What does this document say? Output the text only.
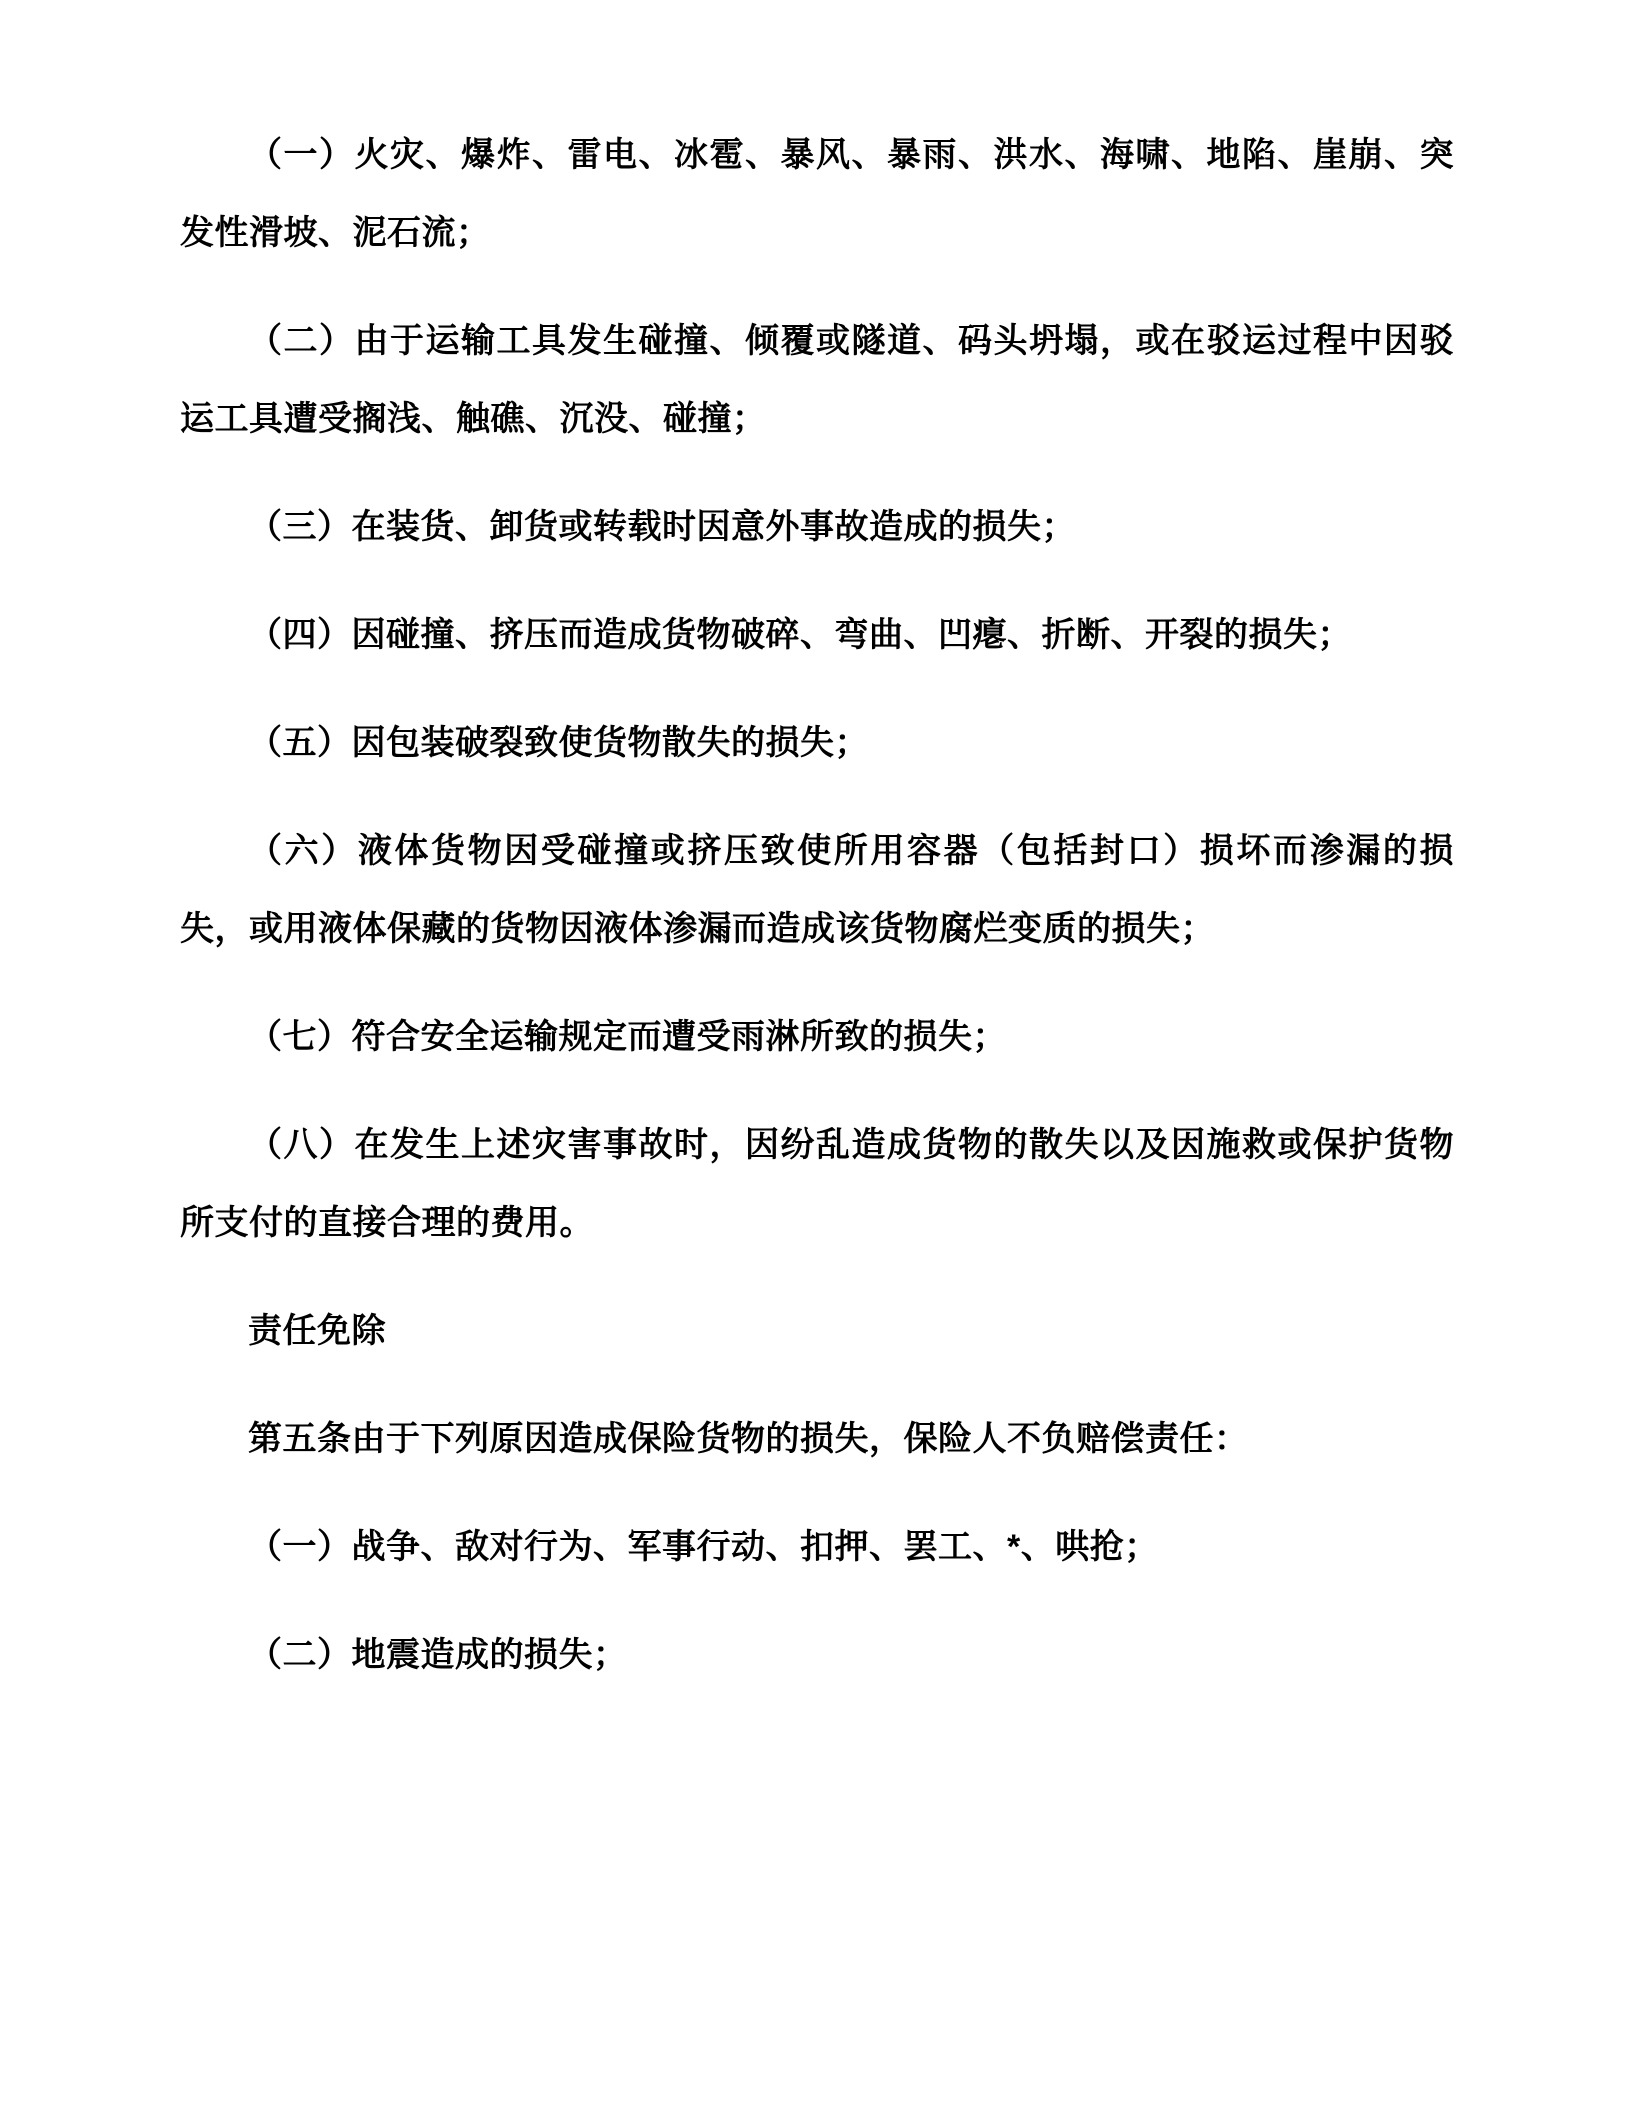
（一）火灾、爆炸、雷电、冰雹、暴风、暴雨、洪水、海啸、地陷、崖崩、突发性滑坡、泥石流；

（二）由于运输工具发生碰撞、倾覆或隧道、码头坍塌，或在驳运过程中因驳运工具遭受搁浅、触礁、沉没、碰撞；

（三）在装货、卸货或转载时因意外事故造成的损失；

（四）因碰撞、挤压而造成货物破碎、弯曲、凹瘪、折断、开裂的损失；

（五）因包装破裂致使货物散失的损失；

（六）液体货物因受碰撞或挤压致使所用容器（包括封口）损坏而渗漏的损失，或用液体保藏的货物因液体渗漏而造成该货物腐烂变质的损失；

（七）符合安全运输规定而遭受雨淋所致的损失；

（八）在发生上述灾害事故时，因纷乱造成货物的散失以及因施救或保护货物所支付的直接合理的费用。

责任免除

第五条由于下列原因造成保险货物的损失，保险人不负赔偿责任：

（一）战争、敌对行为、军事行动、扣押、罢工、*、哄抢；

（二）地震造成的损失；
